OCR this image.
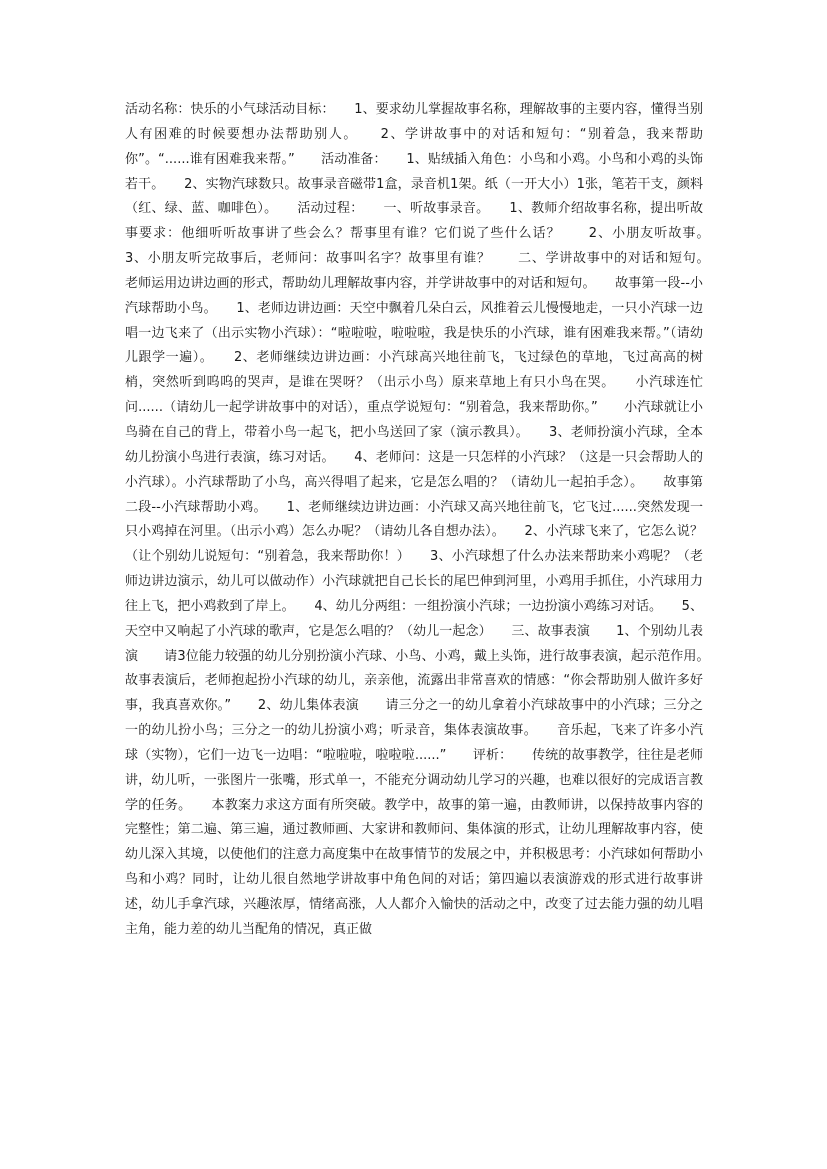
活动名称：快乐的小气球活动目标：　　1、要求幼儿掌握故事名称，理解故事的主要内容，懂得当别人有困难的时候要想办法帮助别人。　　2、学讲故事中的对话和短句：“别着急，我来帮助你”。“......谁有困难我来帮。”　　活动准备：　　1、贴绒插入角色：小鸟和小鸡。小鸟和小鸡的头饰若干。　　2、实物汽球数只。故事录音磁带1盒，录音机1架。纸（一开大小）1张，笔若干支，颜料（红、绿、蓝、咖啡色）。　　活动过程：　　一、听故事录音。　　1、教师介绍故事名称，提出听故事要求：他细听听故事讲了些会么？帮事里有谁？它们说了些什么话？　　2、小朋友听故事。　　3、小朋友听完故事后，老师问：故事叫名字？故事里有谁？　　二、学讲故事中的对话和短句。　　老师运用边讲边画的形式，帮助幼儿理解故事内容，并学讲故事中的对话和短句。　　故事第一段--小汽球帮助小鸟。　　1、老师边讲边画：天空中飘着几朵白云，风推着云儿慢慢地走，一只小汽球一边唱一边飞来了（出示实物小汽球）：“啦啦啦，啦啦啦，我是快乐的小汽球，谁有困难我来帮。”（请幼儿跟学一遍）。　　2、老师继续边讲边画：小汽球高兴地往前飞，飞过绿色的草地，飞过高高的树梢，突然听到呜呜的哭声，是谁在哭呀？（出示小鸟）原来草地上有只小鸟在哭。　　小汽球连忙问......（请幼儿一起学讲故事中的对话），重点学说短句：“别着急，我来帮助你。”　　小汽球就让小鸟骑在自己的背上，带着小鸟一起飞，把小鸟送回了家（演示教具）。　　3、老师扮演小汽球，全本幼儿扮演小鸟进行表演，练习对话。　　4、老师问：这是一只怎样的小汽球？（这是一只会帮助人的小汽球）。小汽球帮助了小鸟，高兴得唱了起来，它是怎么唱的？（请幼儿一起拍手念）。　　故事第二段--小汽球帮助小鸡。　　1、老师继续边讲边画：小汽球又高兴地往前飞，它飞过......突然发现一只小鸡掉在河里。（出示小鸡）怎么办呢？（请幼儿各自想办法）。　　2、小汽球飞来了，它怎么说？（让个别幼儿说短句：“别着急，我来帮助你！）　　3、小汽球想了什么办法来帮助来小鸡呢？（老师边讲边演示，幼儿可以做动作）小汽球就把自己长长的尾巴伸到河里，小鸡用手抓住，小汽球用力往上飞，把小鸡救到了岸上。　　4、幼儿分两组：一组扮演小汽球；一边扮演小鸡练习对话。　　5、天空中又响起了小汽球的歌声，它是怎么唱的？（幼儿一起念）　　三、故事表演　　1、个别幼儿表演　　请3位能力较强的幼儿分别扮演小汽球、小鸟、小鸡，戴上头饰，进行故事表演，起示范作用。　　故事表演后，老师抱起扮小汽球的幼儿，亲亲他，流露出非常喜欢的情感：“你会帮助别人做许多好事，我真喜欢你。”　　2、幼儿集体表演　　请三分之一的幼儿拿着小汽球故事中的小汽球；三分之一的幼儿扮小鸟；三分之一的幼儿扮演小鸡；听录音，集体表演故事。　　音乐起，飞来了许多小汽球（实物），它们一边飞一边唱：“啦啦啦，啦啦啦......”　　评析：　　传统的故事教学，往往是老师讲，幼儿听，一张图片一张嘴，形式单一，不能充分调动幼儿学习的兴趣，也难以很好的完成语言教学的任务。　　本教案力求这方面有所突破。教学中，故事的第一遍，由教师讲，以保持故事内容的完整性；第二遍、第三遍，通过教师画、大家讲和教师问、集体演的形式，让幼儿理解故事内容，使幼儿深入其境，以使他们的注意力高度集中在故事情节的发展之中，并积极思考：小汽球如何帮助小鸟和小鸡？同时，让幼儿很自然地学讲故事中角色间的对话；第四遍以表演游戏的形式进行故事讲述，幼儿手拿汽球，兴趣浓厚，情绪高涨，人人都介入愉快的活动之中，改变了过去能力强的幼儿唱主角，能力差的幼儿当配角的情况，真正做
